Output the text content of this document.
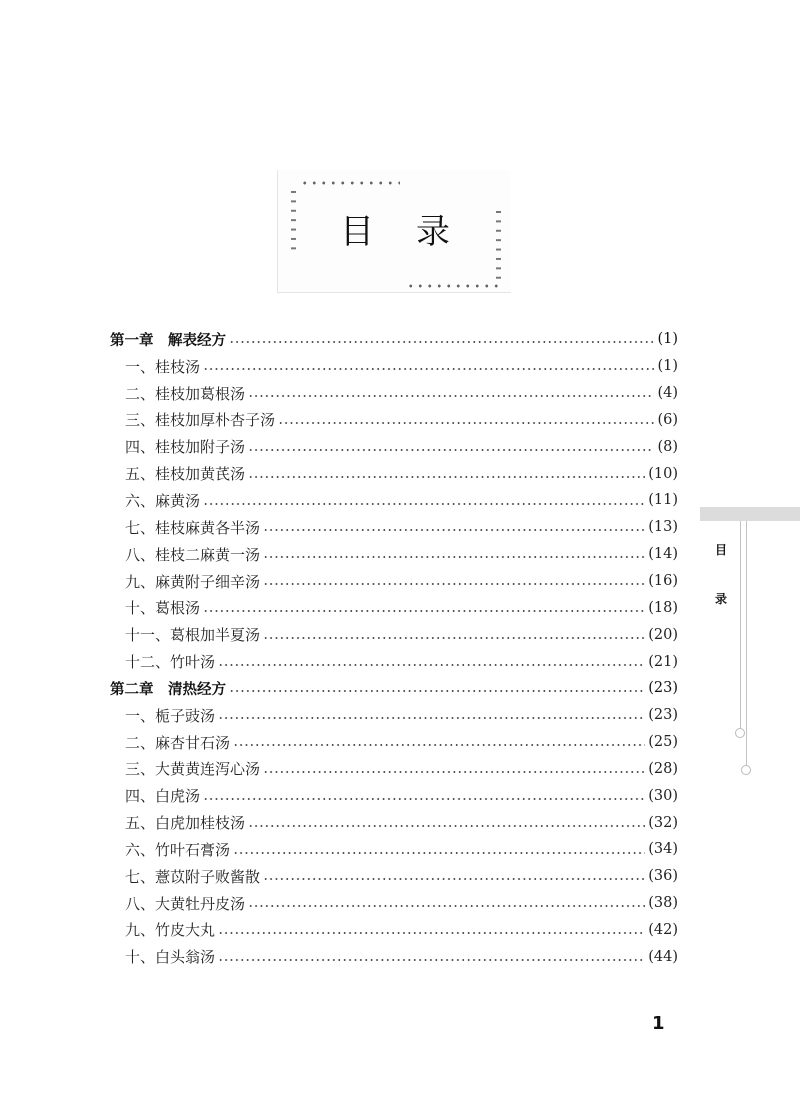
目录
第一章　解表经方	(1)
一、桂枝汤	(1)
二、桂枝加葛根汤	(4)
三、桂枝加厚朴杏子汤	(6)
四、桂枝加附子汤	(8)
五、桂枝加黄芪汤	(10)
六、麻黄汤	(11)
七、桂枝麻黄各半汤	(13)
八、桂枝二麻黄一汤	(14)
九、麻黄附子细辛汤	(16)
十、葛根汤	(18)
十一、葛根加半夏汤	(20)
十二、竹叶汤	(21)
第二章　清热经方	(23)
一、栀子豉汤	(23)
二、麻杏甘石汤	(25)
三、大黄黄连泻心汤	(28)
四、白虎汤	(30)
五、白虎加桂枝汤	(32)
六、竹叶石膏汤	(34)
七、薏苡附子败酱散	(36)
八、大黄牡丹皮汤	(38)
九、竹皮大丸	(42)
十、白头翁汤	(44)
目
录
1
